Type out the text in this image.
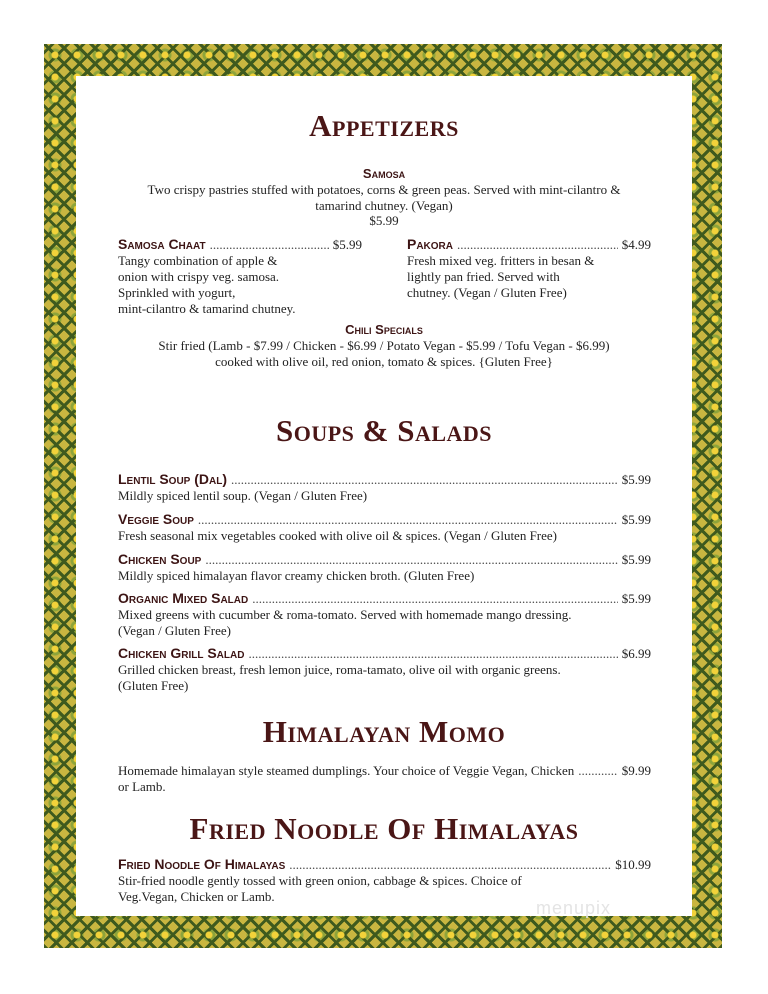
Appetizers
Samosa
Two crispy pastries stuffed with potatoes, corns & green peas. Served with mint-cilantro &
tamarind chutney. (Vegan)
$5.99
Samosa Chaat .....	$5.99
Tangy combination of apple &
onion with crispy veg. samosa.
Sprinkled with yogurt,
mint-cilantro & tamarind chutney.
Pakora .....	$4.99
Fresh mixed veg. fritters in besan &
lightly pan fried. Served with
chutney. (Vegan / Gluten Free)
Chili Specials
Stir fried (Lamb - $7.99 / Chicken - $6.99 / Potato Vegan - $5.99 / Tofu Vegan - $6.99)
cooked with olive oil, red onion, tomato & spices. {Gluten Free}
Soups & Salads
Lentil Soup (Dal) .....	$5.99
Mildly spiced lentil soup. (Vegan / Gluten Free)
Veggie Soup .....	$5.99
Fresh seasonal mix vegetables cooked with olive oil & spices. (Vegan / Gluten Free)
Chicken Soup .....	$5.99
Mildly spiced himalayan flavor creamy chicken broth. (Gluten Free)
Organic Mixed Salad .....	$5.99
Mixed greens with cucumber & roma-tomato. Served with homemade mango dressing.
(Vegan / Gluten Free)
Chicken Grill Salad .....	$6.99
Grilled chicken breast, fresh lemon juice, roma-tamato, olive oil with organic greens.
(Gluten Free)
Himalayan Momo
Homemade himalayan style steamed dumplings. Your choice of Veggie Vegan, Chicken .....	$9.99
or Lamb.
Fried Noodle Of Himalayas
Fried Noodle Of Himalayas .....	$10.99
Stir-fried noodle gently tossed with green onion, cabbage & spices. Choice of
Veg.Vegan, Chicken or Lamb.
menupix
